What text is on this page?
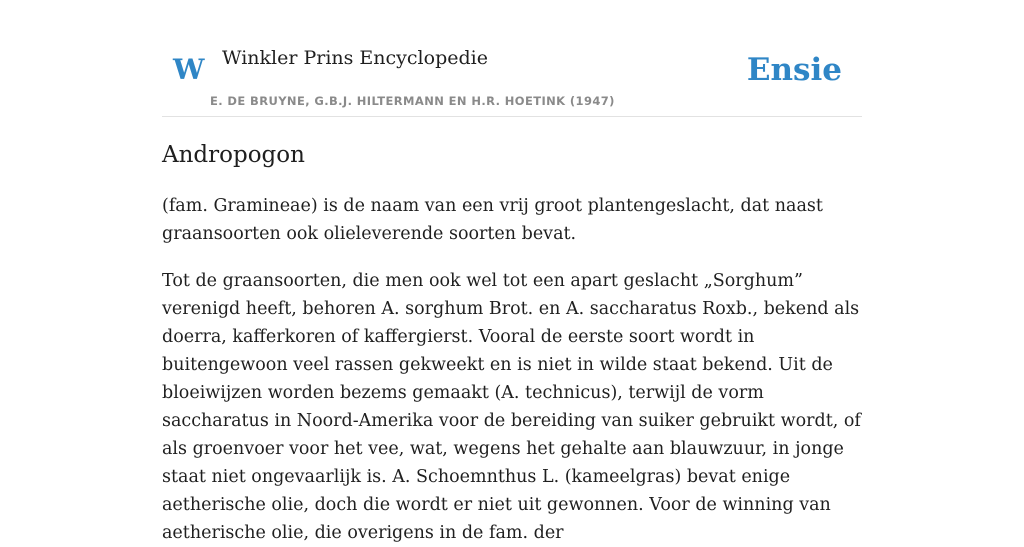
W Winkler Prins Encyclopedie
E. DE BRUYNE, G.B.J. HILTERMANN EN H.R. HOETINK (1947)
Ensie
Andropogon

(fam. Gramineae) is de naam van een vrij groot plantengeslacht, dat naast graansoorten ook olieleverende soorten bevat.

Tot de graansoorten, die men ook wel tot een apart geslacht „Sorghum” verenigd heeft, behoren A. sorghum Brot. en A. saccharatus Roxb., bekend als doerra, kafferkoren of kaffergierst. Vooral de eerste soort wordt in buitengewoon veel rassen gekweekt en is niet in wilde staat bekend. Uit de bloeiwijzen worden bezems gemaakt (A. technicus), terwijl de vorm saccharatus in Noord-Amerika voor de bereiding van suiker gebruikt wordt, of als groenvoer voor het vee, wat, wegens het gehalte aan blauwzuur, in jonge staat niet ongevaarlijk is. A. Schoemnthus L. (kameelgras) bevat enige aetherische olie, doch die wordt er niet uit gewonnen. Voor de winning van aetherische olie, die overigens in de fam. der
